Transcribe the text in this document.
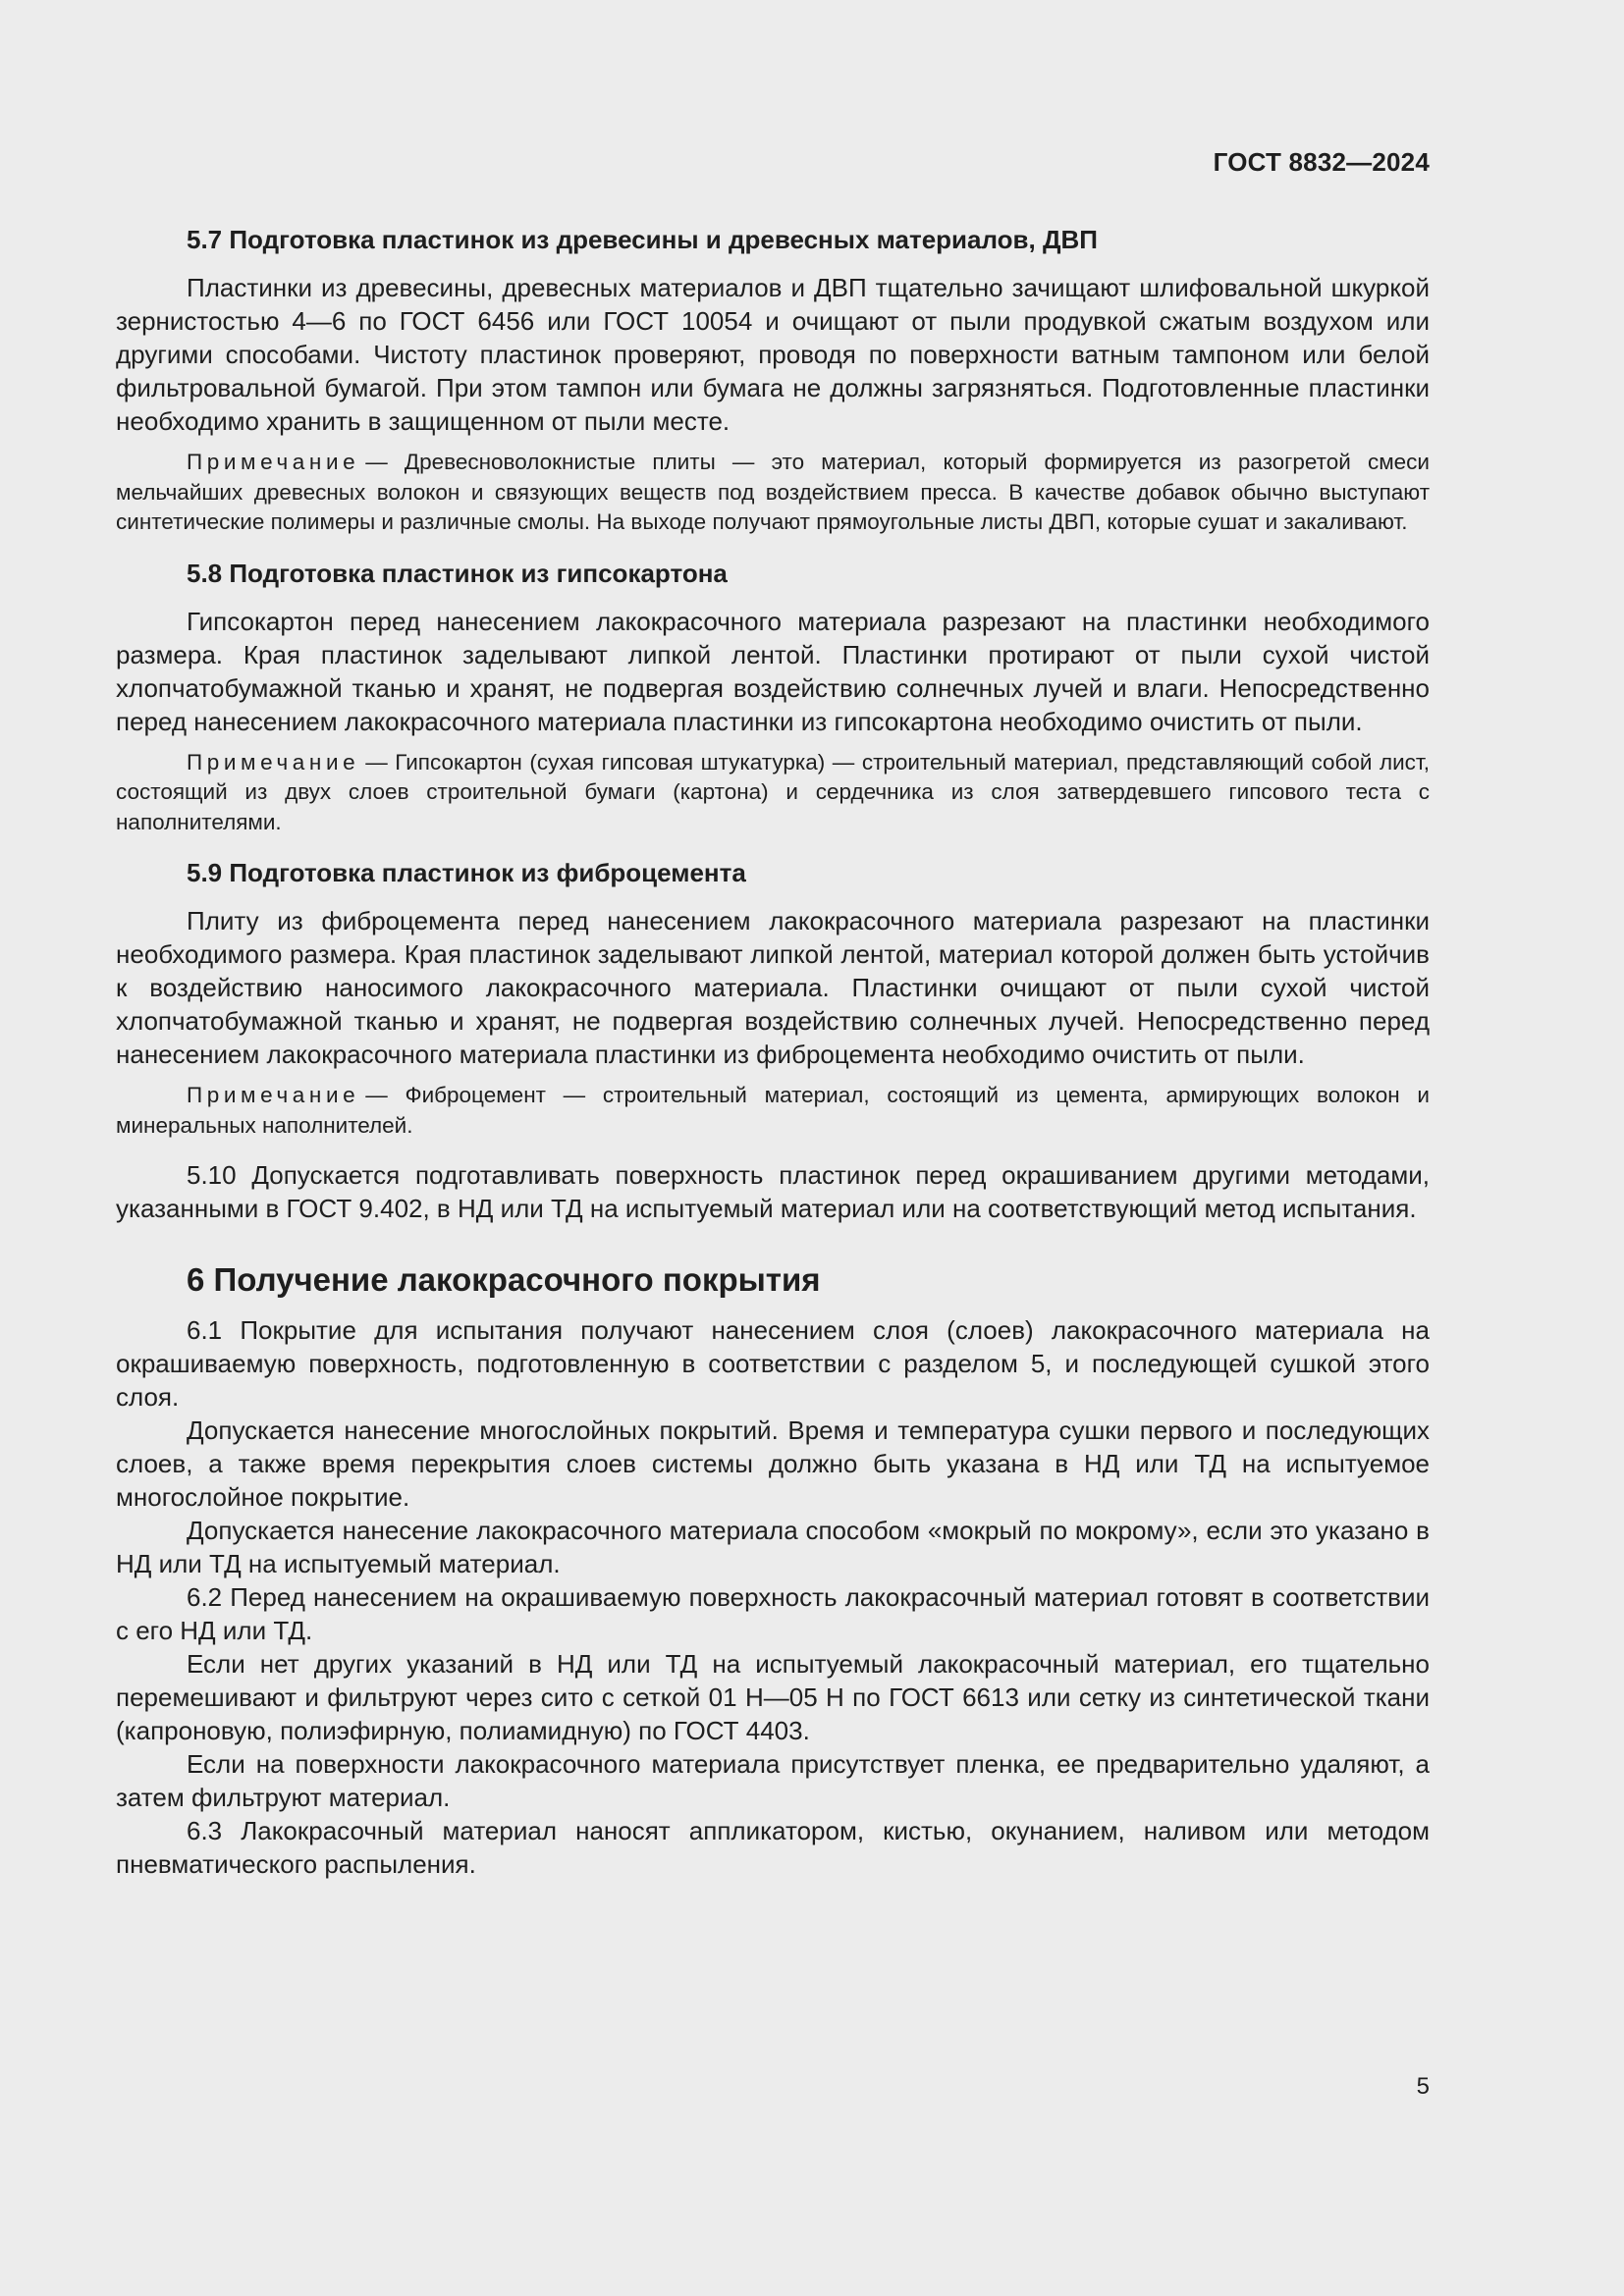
ГОСТ 8832—2024
5.7 Подготовка пластинок из древесины и древесных материалов, ДВП

Пластинки из древесины, древесных материалов и ДВП тщательно зачищают шлифовальной шкуркой зернистостью 4—6 по ГОСТ 6456 или ГОСТ 10054 и очищают от пыли продувкой сжатым воздухом или другими способами. Чистоту пластинок проверяют, проводя по поверхности ватным тампоном или белой фильтровальной бумагой. При этом тампон или бумага не должны загрязняться. Подготовленные пластинки необходимо хранить в защищенном от пыли месте.

Примечание — Древесноволокнистые плиты — это материал, который формируется из разогретой смеси мельчайших древесных волокон и связующих веществ под воздействием пресса. В качестве добавок обычно выступают синтетические полимеры и различные смолы. На выходе получают прямоугольные листы ДВП, которые сушат и закаливают.

5.8 Подготовка пластинок из гипсокартона

Гипсокартон перед нанесением лакокрасочного материала разрезают на пластинки необходимого размера. Края пластинок заделывают липкой лентой. Пластинки протирают от пыли сухой чистой хлопчатобумажной тканью и хранят, не подвергая воздействию солнечных лучей и влаги. Непосредственно перед нанесением лакокрасочного материала пластинки из гипсокартона необходимо очистить от пыли.

Примечание — Гипсокартон (сухая гипсовая штукатурка) — строительный материал, представляющий собой лист, состоящий из двух слоев строительной бумаги (картона) и сердечника из слоя затвердевшего гипсового теста с наполнителями.

5.9 Подготовка пластинок из фиброцемента

Плиту из фиброцемента перед нанесением лакокрасочного материала разрезают на пластинки необходимого размера. Края пластинок заделывают липкой лентой, материал которой должен быть устойчив к воздействию наносимого лакокрасочного материала. Пластинки очищают от пыли сухой чистой хлопчатобумажной тканью и хранят, не подвергая воздействию солнечных лучей. Непосредственно перед нанесением лакокрасочного материала пластинки из фиброцемента необходимо очистить от пыли.

Примечание — Фиброцемент — строительный материал, состоящий из цемента, армирующих волокон и минеральных наполнителей.

5.10 Допускается подготавливать поверхность пластинок перед окрашиванием другими методами, указанными в ГОСТ 9.402, в НД или ТД на испытуемый материал или на соответствующий метод испытания.

6 Получение лакокрасочного покрытия

6.1 Покрытие для испытания получают нанесением слоя (слоев) лакокрасочного материала на окрашиваемую поверхность, подготовленную в соответствии с разделом 5, и последующей сушкой этого слоя.

Допускается нанесение многослойных покрытий. Время и температура сушки первого и последующих слоев, а также время перекрытия слоев системы должно быть указана в НД или ТД на испытуемое многослойное покрытие.

Допускается нанесение лакокрасочного материала способом «мокрый по мокрому», если это указано в НД или ТД на испытуемый материал.

6.2 Перед нанесением на окрашиваемую поверхность лакокрасочный материал готовят в соответствии с его НД или ТД.

Если нет других указаний в НД или ТД на испытуемый лакокрасочный материал, его тщательно перемешивают и фильтруют через сито с сеткой 01 Н—05 Н по ГОСТ 6613 или сетку из синтетической ткани (капроновую, полиэфирную, полиамидную) по ГОСТ 4403.

Если на поверхности лакокрасочного материала присутствует пленка, ее предварительно удаляют, а затем фильтруют материал.

6.3 Лакокрасочный материал наносят аппликатором, кистью, окунанием, наливом или методом пневматического распыления.

5
